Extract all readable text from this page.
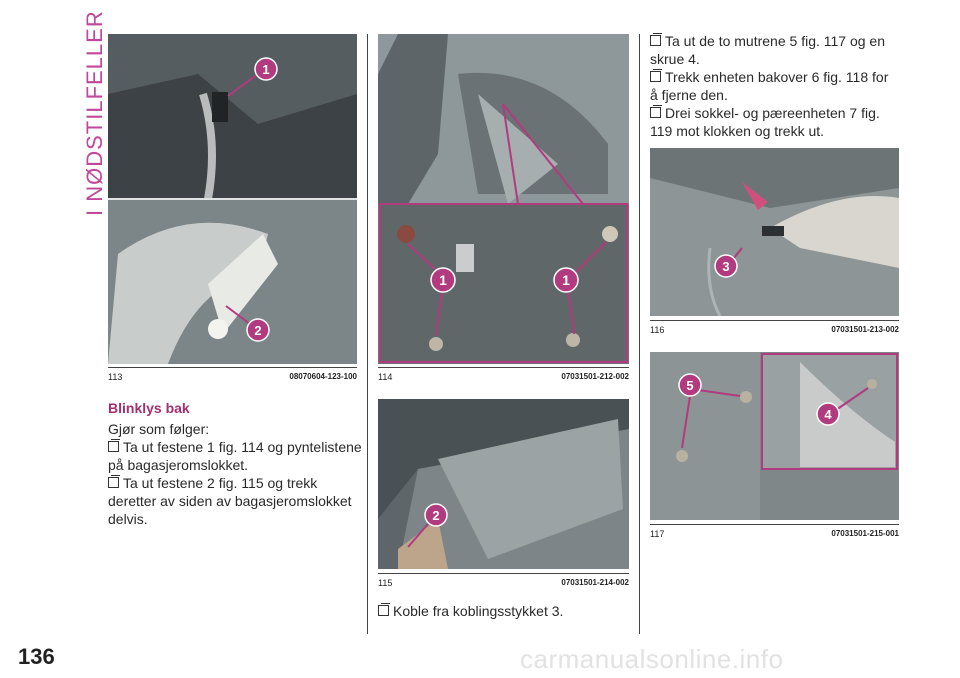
I NØDSTILFELLER
136
1
2
113	08070604-123-100
1	1
114	07031501-212-002
2
115	07031501-214-002
3
116	07031501-213-002
5
4
117	07031501-215-001
Blinklys bak
Gjør som følger:
Ta ut festene 1 fig. 114 og pyntelistene på bagasjeromslokket.
Ta ut festene 2 fig. 115 og trekk deretter av siden av bagasjeromslokket delvis.
Koble fra koblingsstykket 3.
Ta ut de to mutrene 5 fig. 117 og en skrue 4.
Trekk enheten bakover 6 fig. 118 for å fjerne den.
Drei sokkel- og pæreenheten 7 fig. 119 mot klokken og trekk ut.
carmanualsonline.info
